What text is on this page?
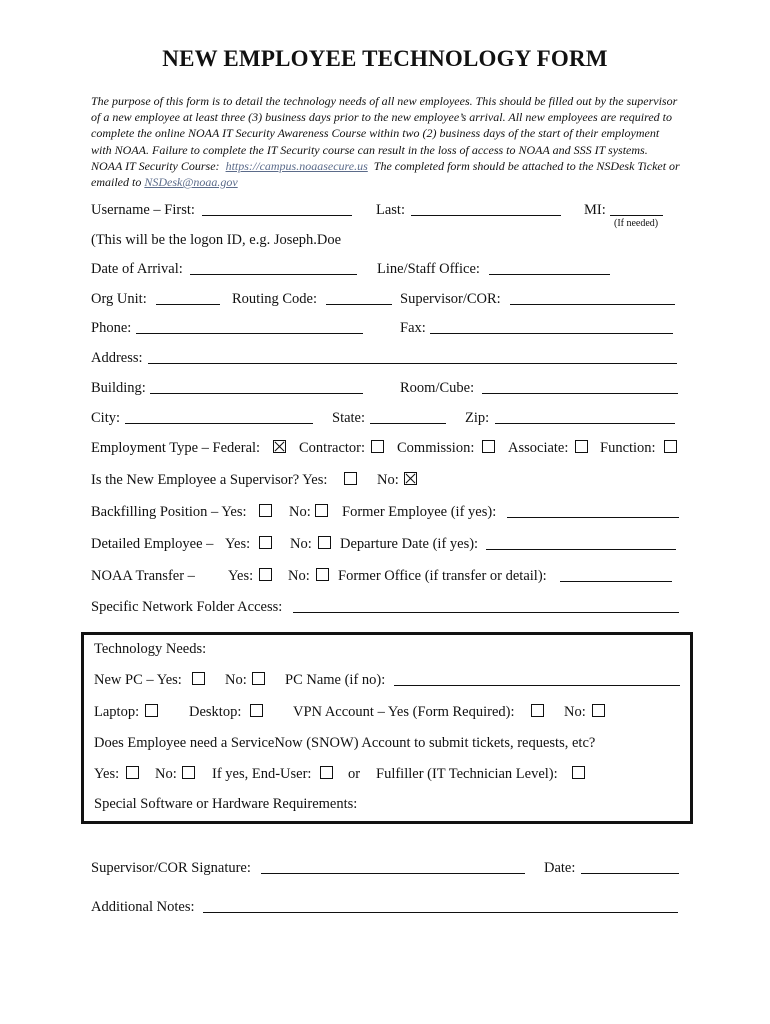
NEW EMPLOYEE TECHNOLOGY FORM

The purpose of this form is to detail the technology needs of all new employees. This should be filled out by the supervisor of a new employee at least three (3) business days prior to the new employee’s arrival. All new employees are required to complete the online NOAA IT Security Awareness Course within two (2) business days of the start of their employment with NOAA. Failure to complete the IT Security course can result in the loss of access to NOAA and SSS IT systems. NOAA IT Security Course: https://campus.noaasecure.us The completed form should be attached to the NSDesk Ticket or emailed to NSDesk@noaa.gov

Username – First:	Last:	MI:
(If needed)
(This will be the logon ID, e.g. Joseph.Doe
Date of Arrival:	Line/Staff Office:
Org Unit:	Routing Code:	Supervisor/COR:
Phone:	Fax:
Address:
Building:	Room/Cube:
City:	State:	Zip:
Employment Type – Federal:	Contractor: Commission: Associate: Function:
Is the New Employee a Supervisor? Yes:	No:
Backfilling Position – Yes:	No: Former Employee (if yes):
Detailed Employee – Yes:	No: Departure Date (if yes):
NOAA Transfer – Yes: No: Former Office (if transfer or detail):
Specific Network Folder Access:
Technology Needs:
New PC – Yes:	No:	PC Name (if no):
Laptop:	Desktop:	VPN Account – Yes (Form Required):	No:
Does Employee need a ServiceNow (SNOW) Account to submit tickets, requests, etc?
Yes: No: If yes, End-User:	or Fulfiller (IT Technician Level):
Special Software or Hardware Requirements:
Supervisor/COR Signature:	Date:
Additional Notes:
